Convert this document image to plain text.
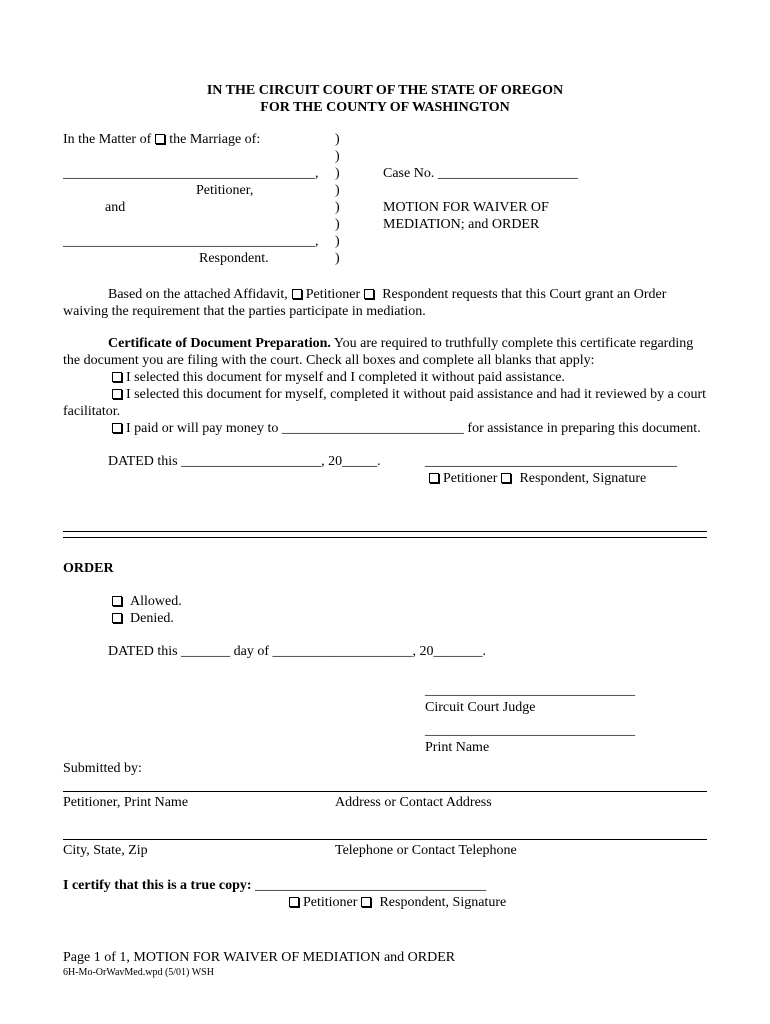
IN THE CIRCUIT COURT OF THE STATE OF OREGON
FOR THE COUNTY OF WASHINGTON
In the Matter of the Marriage of:	)
)
____________________________________,	)	Case No. ____________________
Petitioner,	)
and	)	MOTION FOR WAIVER OF
)	MEDIATION; and ORDER
____________________________________,	)
Respondent.	)

Based on the attached Affidavit, Petitioner Respondent requests that this Court grant an Order waiving the requirement that the parties participate in mediation.

Certificate of Document Preparation. You are required to truthfully complete this certificate regarding the document you are filing with the court. Check all boxes and complete all blanks that apply:

I selected this document for myself and I completed it without paid assistance.

I selected this document for myself, completed it without paid assistance and had it reviewed by a court facilitator.

I paid or will pay money to __________________________ for assistance in preparing this document.

DATED this ____________________, 20_____.	____________________________________
Petitioner Respondent, Signature
ORDER
Allowed.
Denied.
DATED this _______ day of ____________________, 20_______.
______________________________
Circuit Court Judge
______________________________
Print Name
Submitted by:
Petitioner, Print Name	Address or Contact Address
City, State, Zip	Telephone or Contact Telephone
I certify that this is a true copy: _________________________________
Petitioner Respondent, Signature
Page 1 of 1, MOTION FOR WAIVER OF MEDIATION and ORDER
6H-Mo-OrWavMed.wpd (5/01) WSH
